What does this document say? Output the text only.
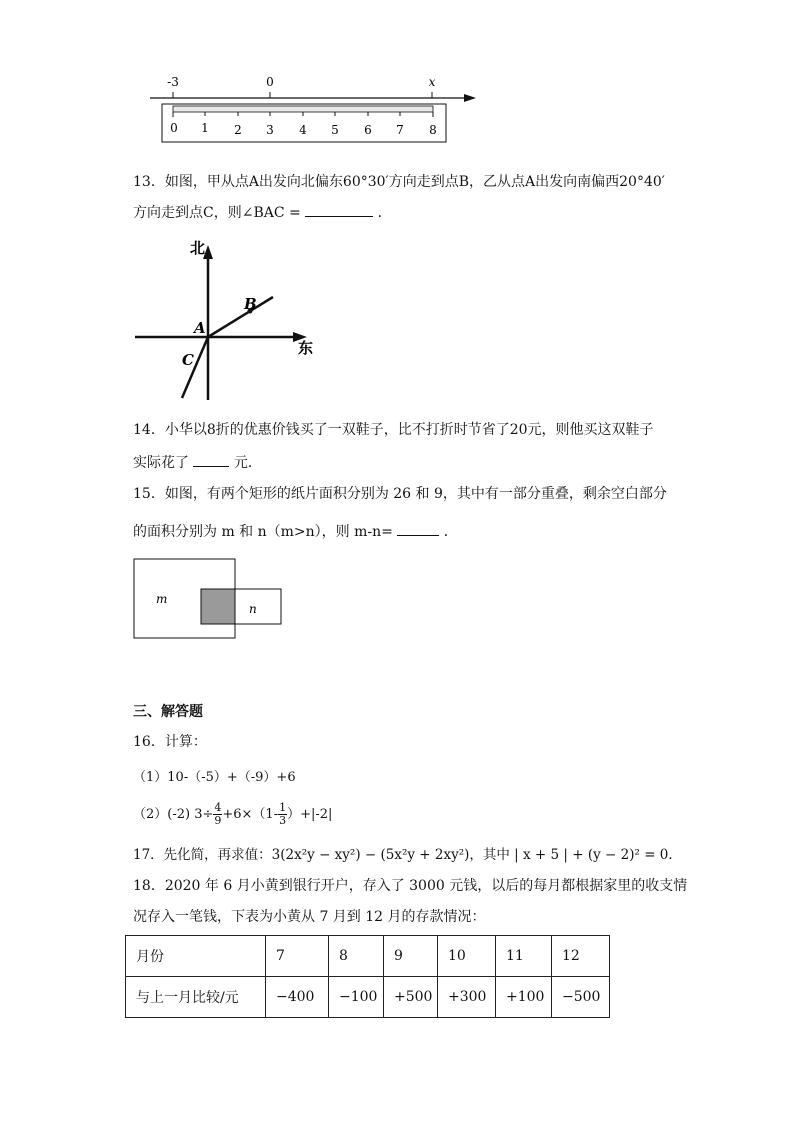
-3	0	x
0 1 2 3 4 5 6 7 8
13．如图，甲从点A出发向北偏东60°30′方向走到点B，乙从点A出发向南偏西20°40′
方向走到点C，则∠BAC =	．
北
东
A
B
C
14．小华以8折的优惠价钱买了一双鞋子，比不打折时节省了20元，则他买这双鞋子
实际花了	元．
15．如图，有两个矩形的纸片面积分别为 26 和 9，其中有一部分重叠，剩余空白部分
的面积分别为 m 和 n（m>n），则 m-n=	．
m
n
三、解答题
16．计算：
（1）10-（-5）+（-9）+6
（2）(-2) $3\div \frac{4}{9} +6\times(1- \frac{1}{3} )+|-2|$
17．先化简，再求值：3(2x²y − xy²) − (5x²y + 2xy²)，其中 | x + 5 | + (y − 2)² = 0．
18．2020 年 6 月小黄到银行开户，存入了 3000 元钱，以后的每月都根据家里的收支情
况存入一笔钱，下表为小黄从 7 月到 12 月的存款情况：
月份	7	8	9	10	11	12
与上一月比较/元	−400	−100	+500	+300	+100	−500
